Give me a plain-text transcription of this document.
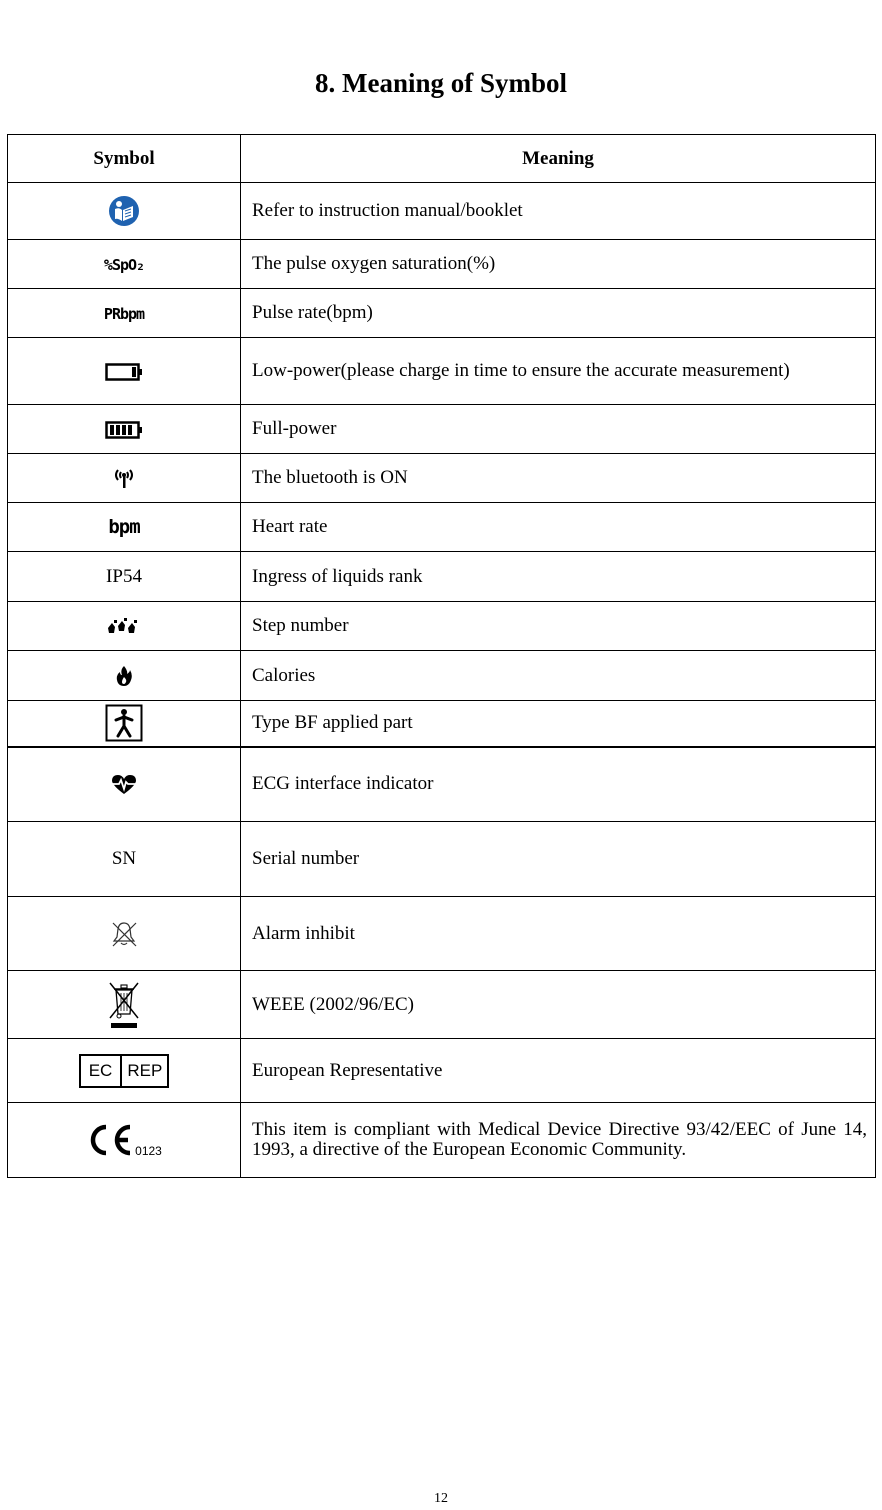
8. Meaning of Symbol
Symbol	Meaning
	Refer to instruction manual/booklet
%SpO₂	The pulse oxygen saturation(%)
PRbpm	Pulse rate(bpm)
	Low-power(please charge in time to ensure the accurate measurement)
	Full-power
	The bluetooth is ON
bpm	Heart rate
IP54	Ingress of liquids rank
	Step number
	Calories
	Type BF applied part
	ECG interface indicator
SN	Serial number
	Alarm inhibit
	WEEE (2002/96/EC)

EC REP	European Representative

0123	This item is compliant with Medical Device Directive 93/42/EEC of June 14, 1993, a directive of the European Economic Community.
12
